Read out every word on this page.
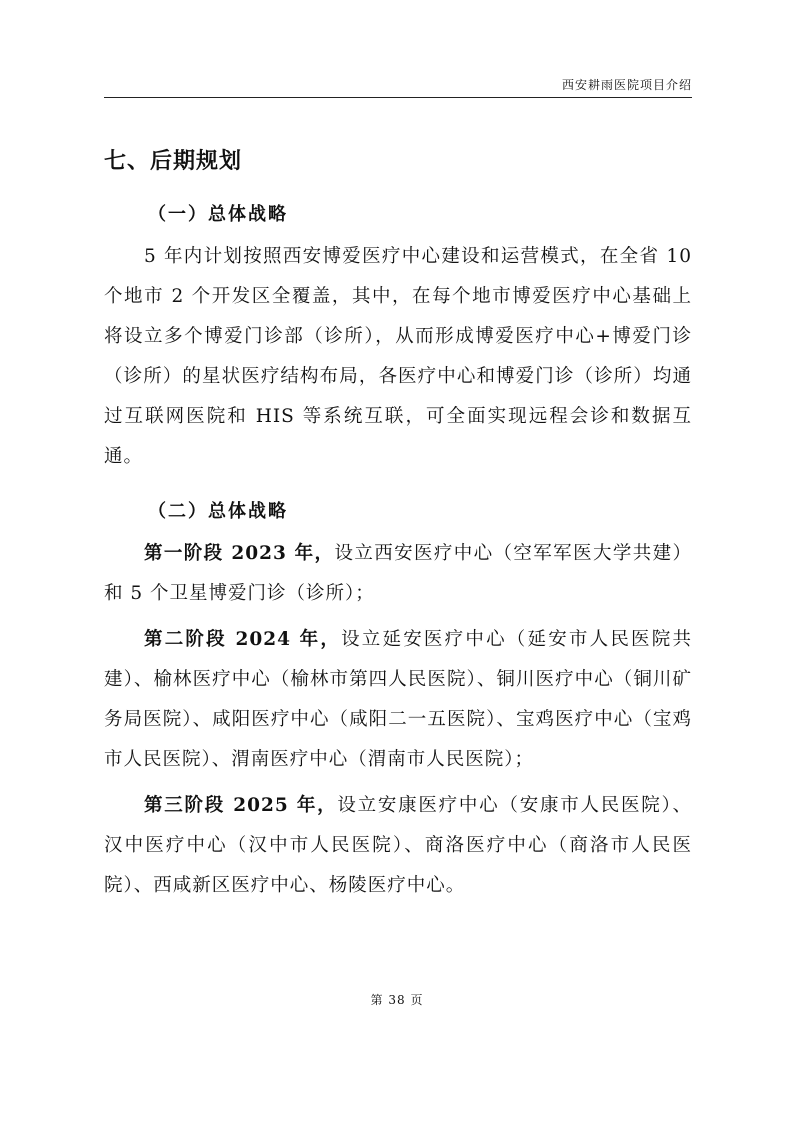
西安耕雨医院项目介绍
七、后期规划
（一）总体战略

5 年内计划按照西安博爱医疗中心建设和运营模式，在全省 10 个地市 2 个开发区全覆盖，其中，在每个地市博爱医疗中心基础上将设立多个博爱门诊部（诊所），从而形成博爱医疗中心+博爱门诊（诊所）的星状医疗结构布局，各医疗中心和博爱门诊（诊所）均通过互联网医院和 HIS 等系统互联，可全面实现远程会诊和数据互通。

（二）总体战略

第一阶段 2023 年，设立西安医疗中心（空军军医大学共建）和 5 个卫星博爱门诊（诊所）；

第二阶段 2024 年，设立延安医疗中心（延安市人民医院共建）、榆林医疗中心（榆林市第四人民医院）、铜川医疗中心（铜川矿务局医院）、咸阳医疗中心（咸阳二一五医院）、宝鸡医疗中心（宝鸡市人民医院）、渭南医疗中心（渭南市人民医院）；

第三阶段 2025 年，设立安康医疗中心（安康市人民医院）、汉中医疗中心（汉中市人民医院）、商洛医疗中心（商洛市人民医院）、西咸新区医疗中心、杨陵医疗中心。

第 38 页
